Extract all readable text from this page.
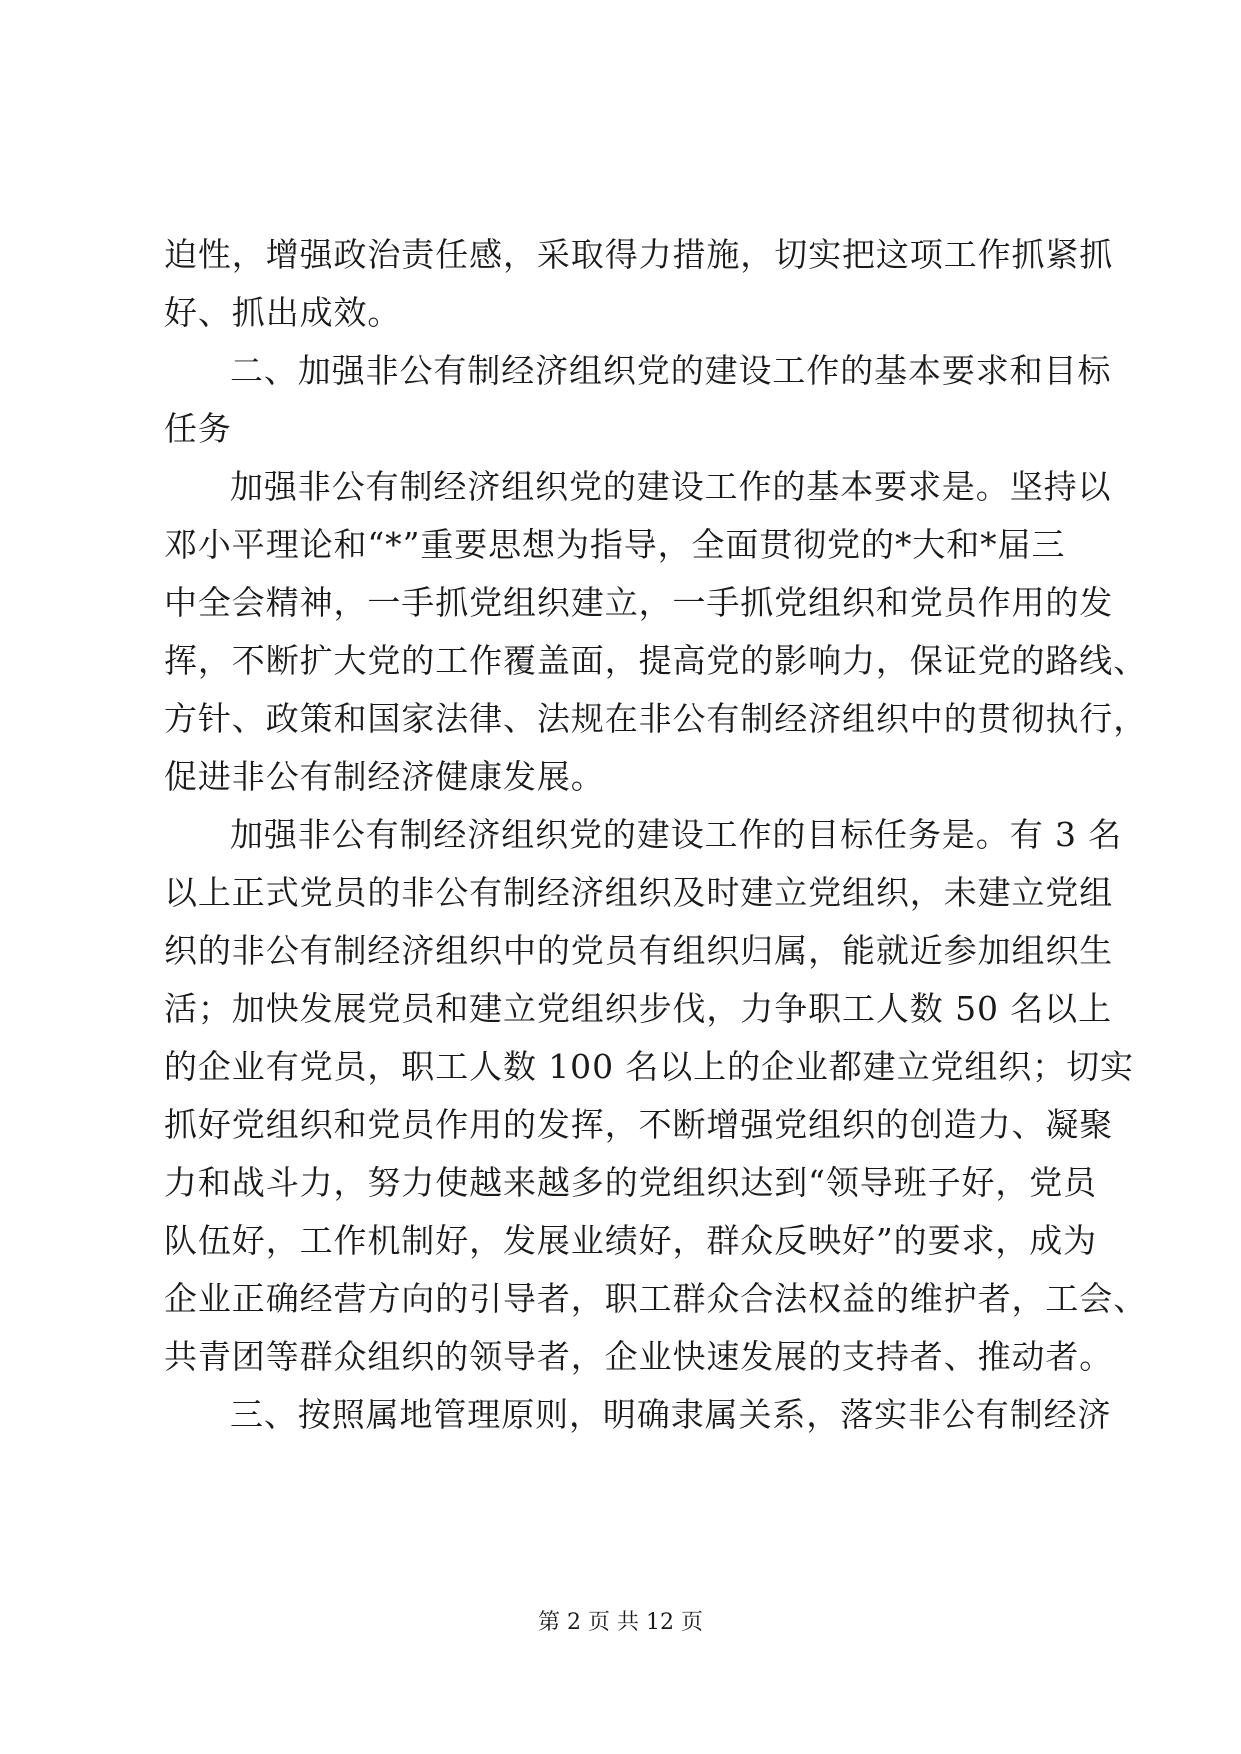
迫性，增强政治责任感，采取得力措施，切实把这项工作抓紧抓
好、抓出成效。
二、加强非公有制经济组织党的建设工作的基本要求和目标
任务
加强非公有制经济组织党的建设工作的基本要求是。坚持以
邓小平理论和“*”重要思想为指导，全面贯彻党的*大和*届三
中全会精神，一手抓党组织建立，一手抓党组织和党员作用的发
挥，不断扩大党的工作覆盖面，提高党的影响力，保证党的路线、
方针、政策和国家法律、法规在非公有制经济组织中的贯彻执行，
促进非公有制经济健康发展。
加强非公有制经济组织党的建设工作的目标任务是。有 3 名
以上正式党员的非公有制经济组织及时建立党组织，未建立党组
织的非公有制经济组织中的党员有组织归属，能就近参加组织生
活；加快发展党员和建立党组织步伐，力争职工人数 50 名以上
的企业有党员，职工人数 100 名以上的企业都建立党组织；切实
抓好党组织和党员作用的发挥，不断增强党组织的创造力、凝聚
力和战斗力，努力使越来越多的党组织达到“领导班子好，党员
队伍好，工作机制好，发展业绩好，群众反映好”的要求，成为
企业正确经营方向的引导者，职工群众合法权益的维护者，工会、
共青团等群众组织的领导者，企业快速发展的支持者、推动者。
三、按照属地管理原则，明确隶属关系，落实非公有制经济
第 2 页 共 12 页
